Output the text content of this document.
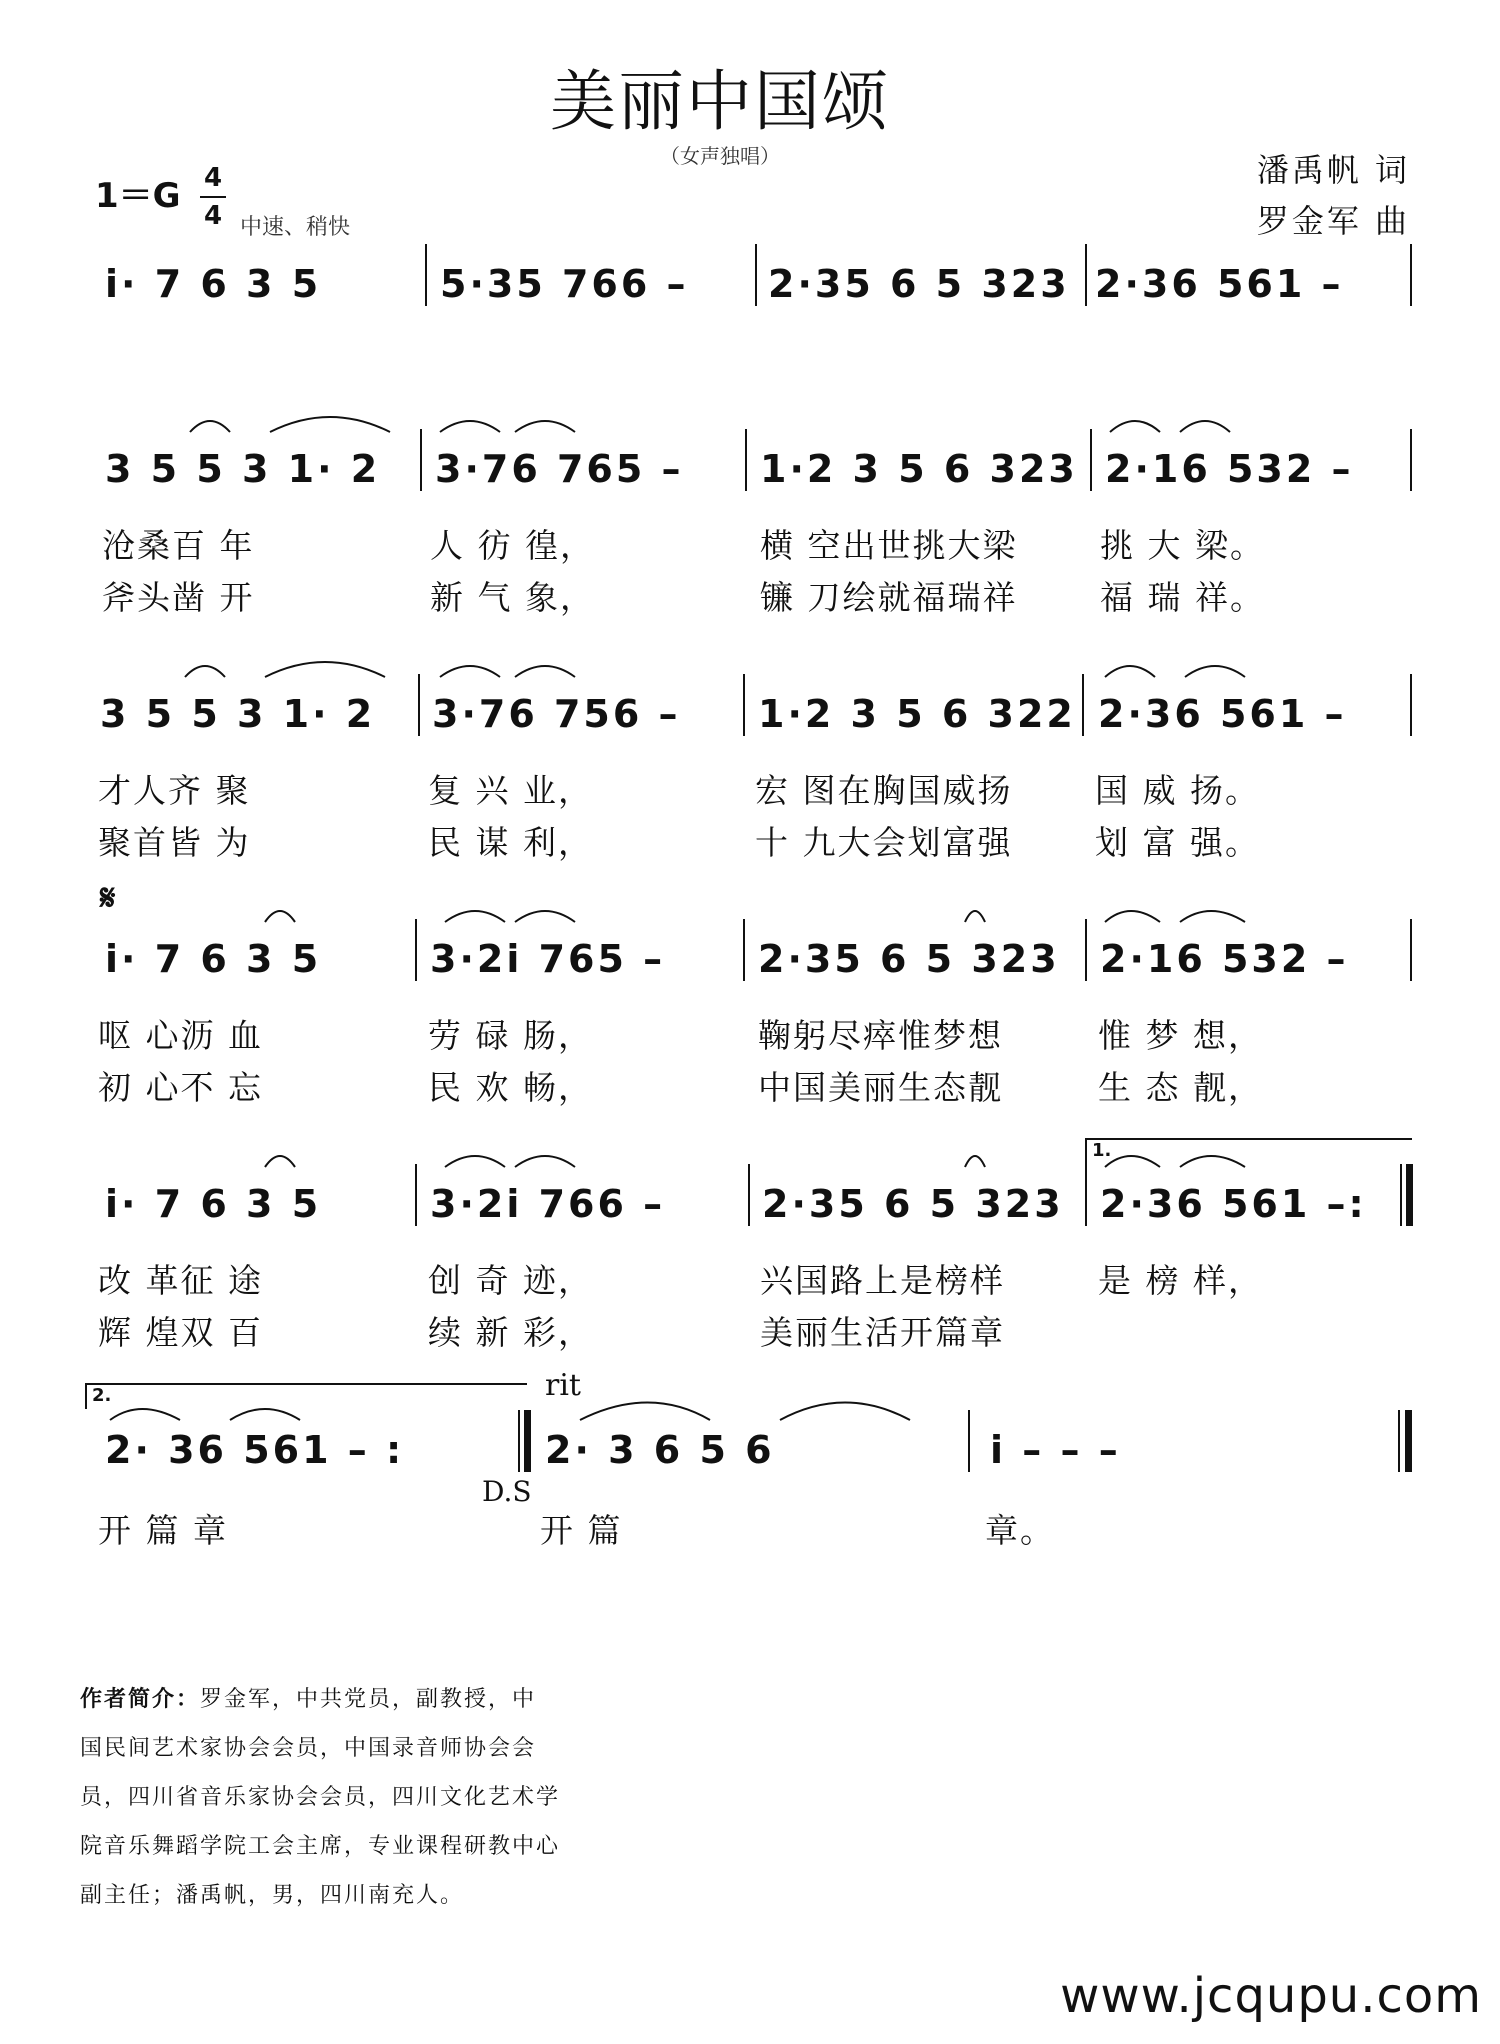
美丽中国颂
（女声独唱）	潘禹帆 词
罗金军 曲
1＝G 4
4 中速、稍快
i· 7 6 3 5	5·35 766 – 2·35 6 5 323 2·36 561 –
3 5 5 3 1· 2 3·76 765 – 1·2 3 5 6 323 2·16 532 –
沧桑百 年	人 彷 徨，	横 空出世挑大梁	挑 大 梁。
斧头凿 开	新 气 象，	镰 刀绘就福瑞祥	福 瑞 祥。
3 5 5 3 1· 2 3·76 756 – 1·2 3 5 6 322 2·36 561 –
才人齐 聚	复 兴 业，	宏 图在胸国威扬	国 威 扬。
聚首皆 为	民 谋 利，	十 九大会划富强	划 富 强。
𝄋
i· 7 6 3 5	3·2i 765 – 2·35 6 5 323 2·16 532 –
呕 心沥 血	劳 碌 肠，	鞠躬尽瘁惟梦想	惟 梦 想，
初 心不 忘	民 欢 畅，	中国美丽生态靓	生 态 靓，
1.
i· 7 6 3 5	3·2i 766 –	2·35 6 5 323 2·36 561 –:
改 革征 途	创 奇 迹，	兴国路上是榜样	是 榜 样，
辉 煌双 百	续 新 彩，	美丽生活开篇章
2.	rit
2· 36 561 – :	2· 3 6 5 6	i – – –
D.S
开 篇 章	开 篇	章。
作者简介：罗金军，中共党员，副教授，中国民间艺术家协会会员，中国录音师协会会员，四川省音乐家协会会员，四川文化艺术学院音乐舞蹈学院工会主席，专业课程研教中心副主任；潘禹帆，男，四川南充人。
www.jcqupu.com
